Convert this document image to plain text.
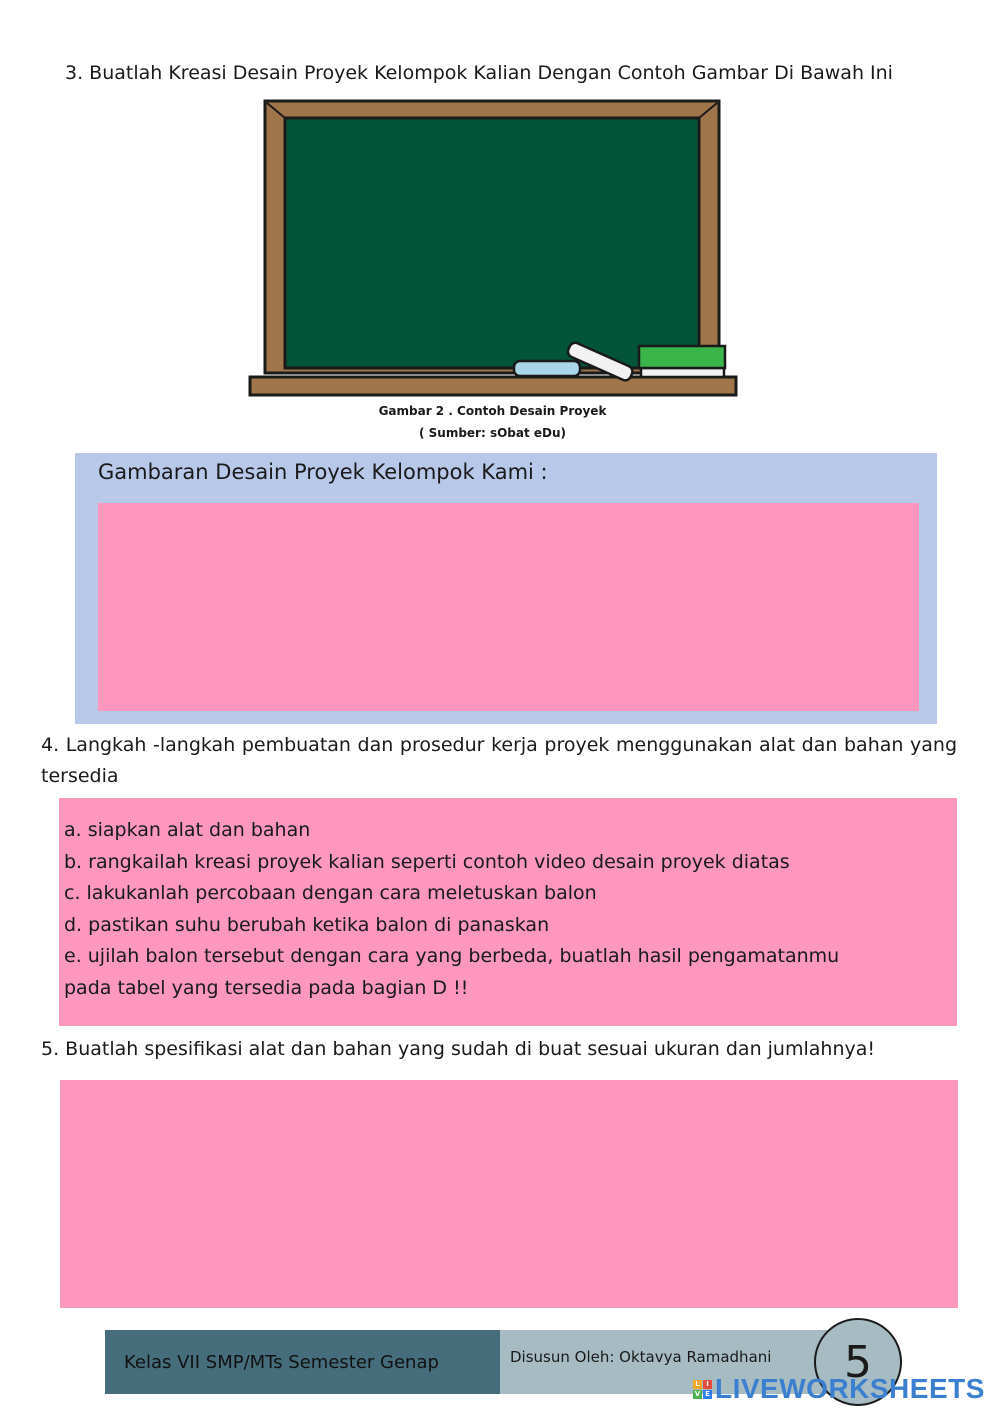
3. Buatlah Kreasi Desain Proyek Kelompok Kalian Dengan Contoh Gambar Di Bawah Ini
Gambar 2 . Contoh Desain Proyek
( Sumber: sObat eDu)
Gambaran Desain Proyek Kelompok Kami :
4. Langkah -langkah pembuatan dan prosedur kerja proyek menggunakan alat dan bahan yang tersedia
a. siapkan alat dan bahan
b. rangkailah kreasi proyek kalian seperti contoh video desain proyek diatas
c. lakukanlah percobaan dengan cara meletuskan balon
d. pastikan suhu berubah ketika balon di panaskan
e. ujilah balon tersebut dengan cara yang berbeda, buatlah hasil pengamatanmu
pada tabel yang tersedia pada bagian D !!
5. Buatlah spesifikasi alat dan bahan yang sudah di buat sesuai ukuran dan jumlahnya!
Kelas VII SMP/MTs Semester Genap	Disusun Oleh: Oktavya Ramadhani	5
L I
V E LIVEWORKSHEETS
